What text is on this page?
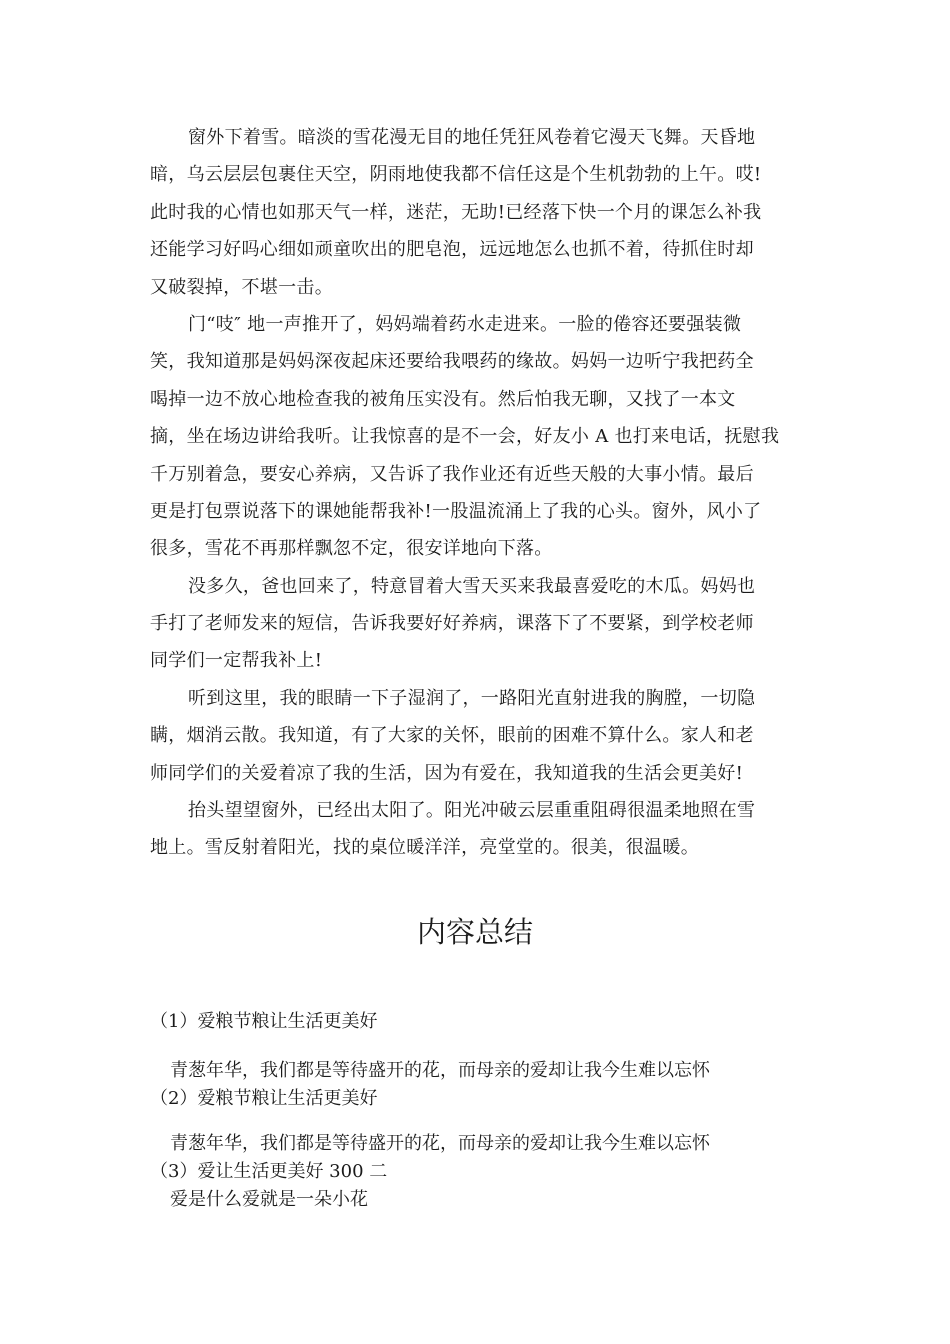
窗外下着雪。暗淡的雪花漫无目的地任凭狂风卷着它漫天飞舞。天昏地
暗，乌云层层包裹住天空，阴雨地使我都不信任这是个生机勃勃的上午。哎!
此时我的心情也如那天气一样，迷茫，无助!已经落下快一个月的课怎么补我
还能学习好吗心细如顽童吹出的肥皂泡，远远地怎么也抓不着，待抓住时却
又破裂掉，不堪一击。
门“吱″ 地一声推开了，妈妈端着药水走进来。一脸的倦容还要强装微
笑，我知道那是妈妈深夜起床还要给我喂药的缘故。妈妈一边听宁我把药全
喝掉一边不放心地检查我的被角压实没有。然后怕我无聊，又找了一本文
摘，坐在场边讲给我听。让我惊喜的是不一会，好友小 A 也打来电话，抚慰我
千万别着急，要安心养病，又告诉了我作业还有近些天般的大事小情。最后
更是打包票说落下的课她能帮我补!一股温流涌上了我的心头。窗外，风小了
很多，雪花不再那样飘忽不定，很安详地向下落。
没多久，爸也回来了，特意冒着大雪天买来我最喜爱吃的木瓜。妈妈也
手打了老师发来的短信，告诉我要好好养病，课落下了不要紧，到学校老师
同学们一定帮我补上!
听到这里，我的眼睛一下子湿润了，一路阳光直射进我的胸膛，一切隐
瞒，烟消云散。我知道，有了大家的关怀，眼前的困难不算什么。家人和老
师同学们的关爱着凉了我的生活，因为有爱在，我知道我的生活会更美好!
抬头望望窗外，已经出太阳了。阳光冲破云层重重阻碍很温柔地照在雪
地上。雪反射着阳光，找的桌位暖洋洋，亮堂堂的。很美，很温暖。
内容总结
（1）爱粮节粮让生活更美好
青葱年华，我们都是等待盛开的花，而母亲的爱却让我今生难以忘怀
（2）爱粮节粮让生活更美好
青葱年华，我们都是等待盛开的花，而母亲的爱却让我今生难以忘怀
（3）爱让生活更美好 300 二
爱是什么爱就是一朵小花
